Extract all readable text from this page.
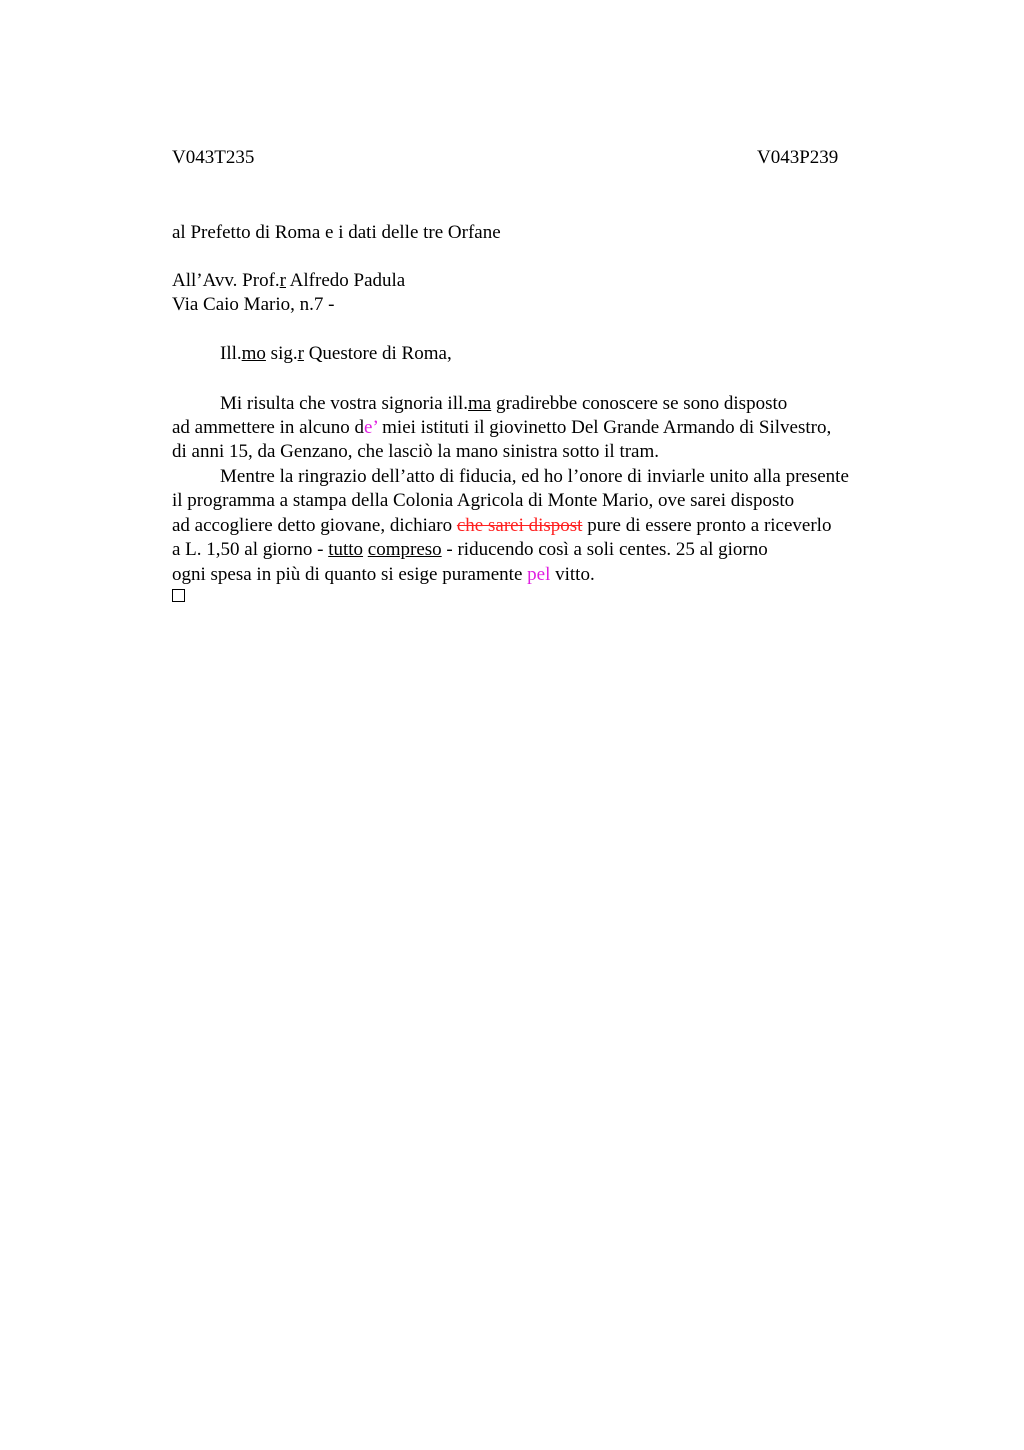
V043T235	V043P239
al Prefetto di Roma e i dati delle tre Orfane
All’Avv. Prof.r Alfredo Padula
Via Caio Mario, n.7 -
Ill.mo sig.r Questore di Roma,
Mi risulta che vostra signoria ill.ma gradirebbe conoscere se sono disposto
ad ammettere in alcuno de’ miei istituti il giovinetto Del Grande Armando di Silvestro,
di anni 15, da Genzano, che lasciò la mano sinistra sotto il tram.
Mentre la ringrazio dell’atto di fiducia, ed ho l’onore di inviarle unito alla presente
il programma a stampa della Colonia Agricola di Monte Mario, ove sarei disposto
ad accogliere detto giovane, dichiaro che sarei dispost pure di essere pronto a riceverlo
a L. 1,50 al giorno - tutto compreso - riducendo così a soli centes. 25 al giorno
ogni spesa in più di quanto si esige puramente pel vitto.
